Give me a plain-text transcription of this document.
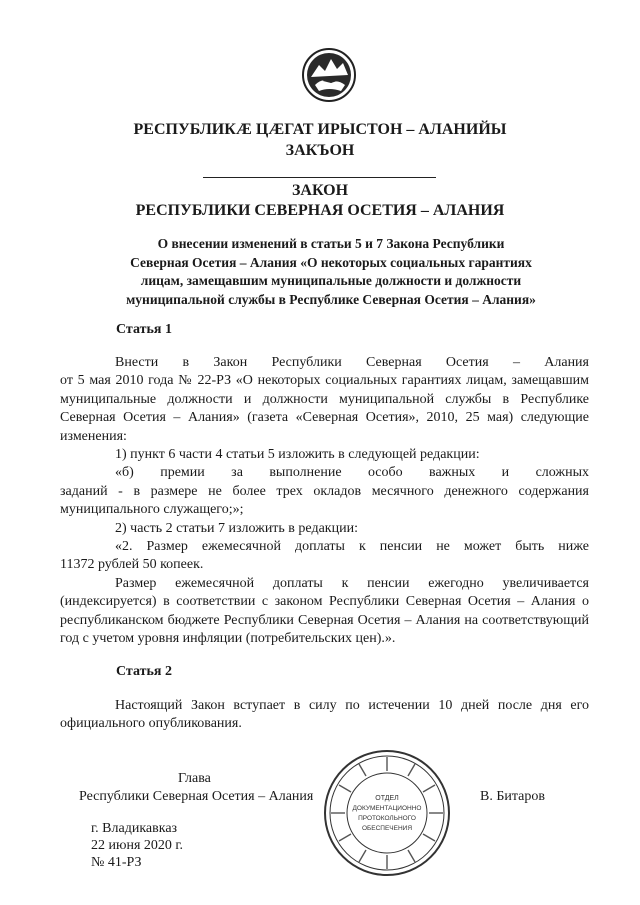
РЕСПУБЛИКÆ ЦÆГАТ ИРЫСТОН – АЛАНИЙЫ
ЗАКЪОН
ЗАКОН
РЕСПУБЛИКИ СЕВЕРНАЯ ОСЕТИЯ – АЛАНИЯ
О внесении изменений в статьи 5 и 7 Закона Республики
Северная Осетия – Алания «О некоторых социальных гарантиях
лицам, замещавшим муниципальные должности и должности
муниципальной службы в Республике Северная Осетия – Алания»
Статья 1

Внести в Закон Республики Северная Осетия – Алания

от 5 мая 2010 года № 22-РЗ «О некоторых социальных гарантиях лицам, замещавшим муниципальные должности и должности муниципальной службы в Республике Северная Осетия – Алания» (газета «Северная Осетия», 2010, 25 мая) следующие изменения:

1) пункт 6 части 4 статьи 5 изложить в следующей редакции:

«б) премии за выполнение особо важных и сложных

заданий - в размере не более трех окладов месячного денежного содержания муниципального служащего;»;

2) часть 2 статьи 7 изложить в редакции:

«2. Размер ежемесячной доплаты к пенсии не может быть ниже

11372 рублей 50 копеек.

Размер ежемесячной доплаты к пенсии ежегодно увеличивается

(индексируется) в соответствии с законом Республики Северная Осетия – Алания о республиканском бюджете Республики Северная Осетия – Алания на соответствующий год с учетом уровня инфляции (потребительских цен).».

Статья 2

Настоящий Закон вступает в силу по истечении 10 дней после дня его

официального опубликования.

Глава
Республики Северная Осетия – Алания	В. Битаров
г. Владикавказ
22 июня 2020 г.
№ 41-РЗ
ОТДЕЛ
ДОКУМЕНТАЦИОННО
ПРОТОКОЛЬНОГО
ОБЕСПЕЧЕНИЯ
